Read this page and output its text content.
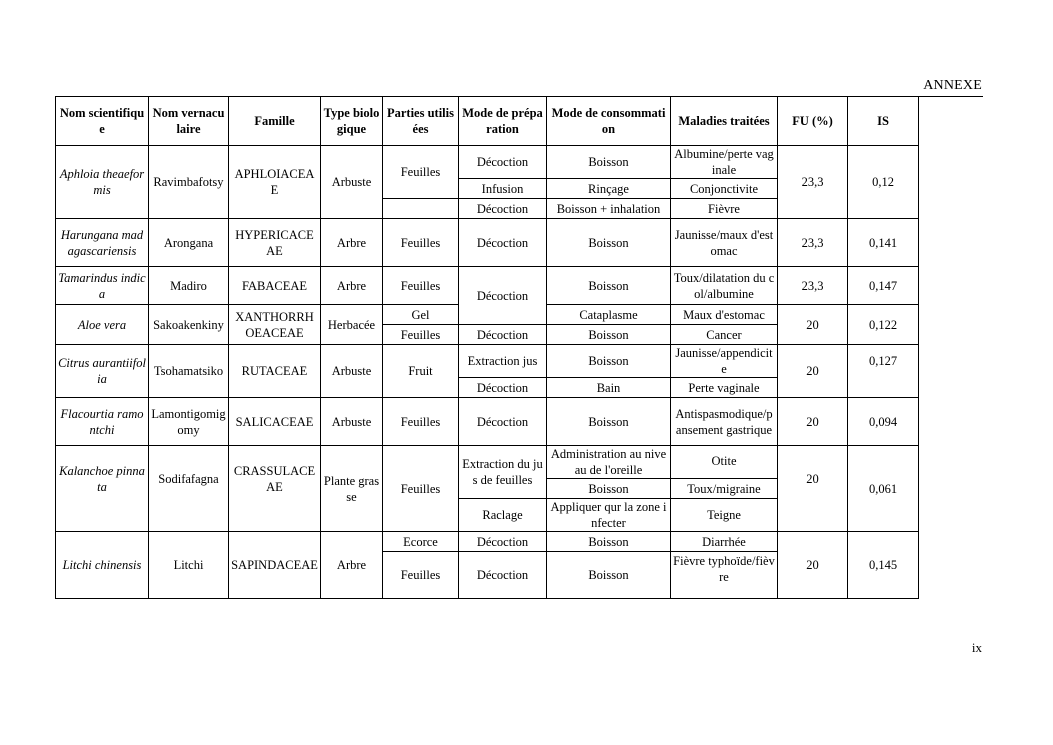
ANNEXE
Nom scientifique	Nom vernaculaire	Famille	Type biologique	Parties utilisées	Mode de préparation	Mode de consommation	Maladies traitées	FU (%)	IS
Aphloia theaeformis	Ravimbafotsy	APHLOIACEAE	Arbuste	Feuilles	Décoction	Boisson	Albumine/perte vaginale	23,3	0,12
					Infusion	Rinçage	Conjonctivite		
					Décoction	Boisson + inhalation	Fièvre		
Harungana madagascariensis	Arongana	HYPERICACEAE	Arbre	Feuilles	Décoction	Boisson	Jaunisse/maux d'estomac	23,3	0,141
Tamarindus indica	Madiro	FABACEAE	Arbre	Feuilles	Décoction	Boisson	Toux/dilatation du col/albumine	23,3	0,147
Aloe vera	Sakoakenkiny	XANTHORRHOEACEAE	Herbacée	Gel		Cataplasme	Maux d'estomac	20	0,122
				Feuilles	Décoction	Boisson	Cancer		
Citrus aurantiifolia	Tsohamatsiko	RUTACEAE	Arbuste	Fruit	Extraction jus	Boisson	Jaunisse/appendicite	20	0,127
					Décoction	Bain	Perte vaginale		
Flacourtia ramontchi	Lamontigomigomy	SALICACEAE	Arbuste	Feuilles	Décoction	Boisson	Antispasmodique/pansement gastrique	20	0,094
Kalanchoe pinnata	Sodifafagna	CRASSULACEAE	Plante grasse	Feuilles	Extraction du jus de feuilles	Administration au niveau de l'oreille	Otite	20	0,061
						Boisson	Toux/migraine		
					Raclage	Appliquer qur la zone infecter	Teigne		
Litchi chinensis	Litchi	SAPINDACEAE	Arbre	Ecorce	Décoction	Boisson	Diarrhée	20	0,145
				Feuilles	Décoction	Boisson	Fièvre typhoïde/fièvre		
ix
